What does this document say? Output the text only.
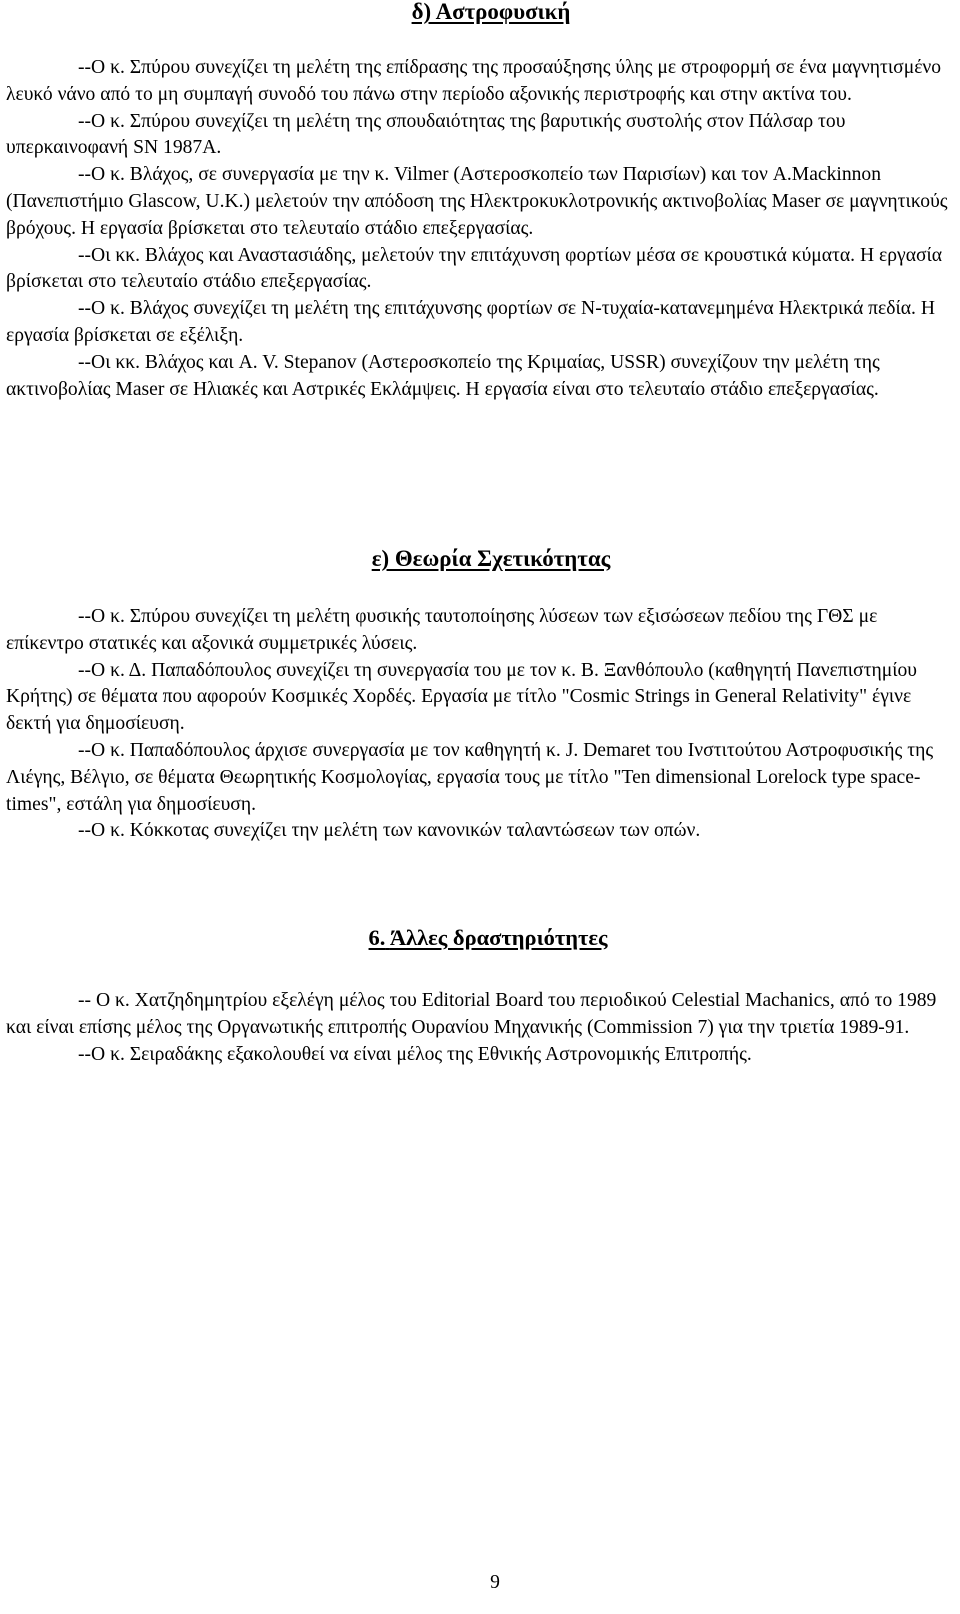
δ) Αστροφυσική

--Ο κ. Σπύρου συνεχίζει τη μελέτη της επίδρασης της προσαύξησης ύλης με στροφορμή σε ένα μαγνητισμένο λευκό νάνο από το μη συμπαγή συνοδό του πάνω στην περίοδο αξονικής περιστροφής και στην ακτίνα του.

--Ο κ. Σπύρου συνεχίζει τη μελέτη της σπουδαιότητας της βαρυτικής συστολής στον Πάλσαρ του υπερκαινοφανή SN 1987A.

--Ο κ. Βλάχος, σε συνεργασία με την κ. Vilmer (Αστεροσκοπείο των Παρισίων) και τον A.Mackinnon (Πανεπιστήμιο Glascow, U.K.) μελετούν την απόδοση της Ηλεκτροκυκλοτρονικής ακτινοβολίας Maser σε μαγνητικούς βρόχους. Η εργασία βρίσκεται στο τελευταίο στάδιο επεξεργασίας.

--Οι κκ. Βλάχος και Αναστασιάδης, μελετούν την επιτάχυνση φορτίων μέσα σε κρουστικά κύματα. Η εργασία βρίσκεται στο τελευταίο στάδιο επεξεργασίας.

--Ο κ. Βλάχος συνεχίζει τη μελέτη της επιτάχυνσης φορτίων σε Ν-τυχαία-κατανεμημένα Ηλεκτρικά πεδία. Η εργασία βρίσκεται σε εξέλιξη.

--Οι κκ. Βλάχος και A. V. Stepanov (Αστεροσκοπείο της Κριμαίας, USSR) συνεχίζουν την μελέτη της ακτινοβολίας Maser σε Ηλιακές και Αστρικές Εκλάμψεις. Η εργασία είναι στο τελευταίο στάδιο επεξεργασίας.

ε) Θεωρία Σχετικότητας

--Ο κ. Σπύρου συνεχίζει τη μελέτη φυσικής ταυτοποίησης λύσεων των εξισώσεων πεδίου της ΓΘΣ με επίκεντρο στατικές και αξονικά συμμετρικές λύσεις.

--Ο κ. Δ. Παπαδόπουλος συνεχίζει τη συνεργασία του με τον κ. Β. Ξανθόπουλο (καθηγητή Πανεπιστημίου Κρήτης) σε θέματα που αφορούν Κοσμικές Χορδές. Εργασία με τίτλο "Cosmic Strings in General Relativity" έγινε δεκτή για δημοσίευση.

--Ο κ. Παπαδόπουλος άρχισε συνεργασία με τον καθηγητή κ. J. Demaret του Ινστιτούτου Αστροφυσικής της Λιέγης, Βέλγιο, σε θέματα Θεωρητικής Κοσμολογίας, εργασία τους με τίτλο "Ten dimensional Lorelock type space-times", εστάλη για δημοσίευση.

--Ο κ. Κόκκοτας συνεχίζει την μελέτη των κανονικών ταλαντώσεων των οπών.

6. Άλλες δραστηριότητες

-- Ο κ. Χατζηδημητρίου εξελέγη μέλος του Editorial Board του περιοδικού Celestial Machanics, από το 1989 και είναι επίσης μέλος της Οργανωτικής επιτροπής Ουρανίου Μηχανικής (Commission 7) για την τριετία 1989-91.

--Ο κ. Σειραδάκης εξακολουθεί να είναι μέλος της Εθνικής Αστρονομικής Επιτροπής.

9
